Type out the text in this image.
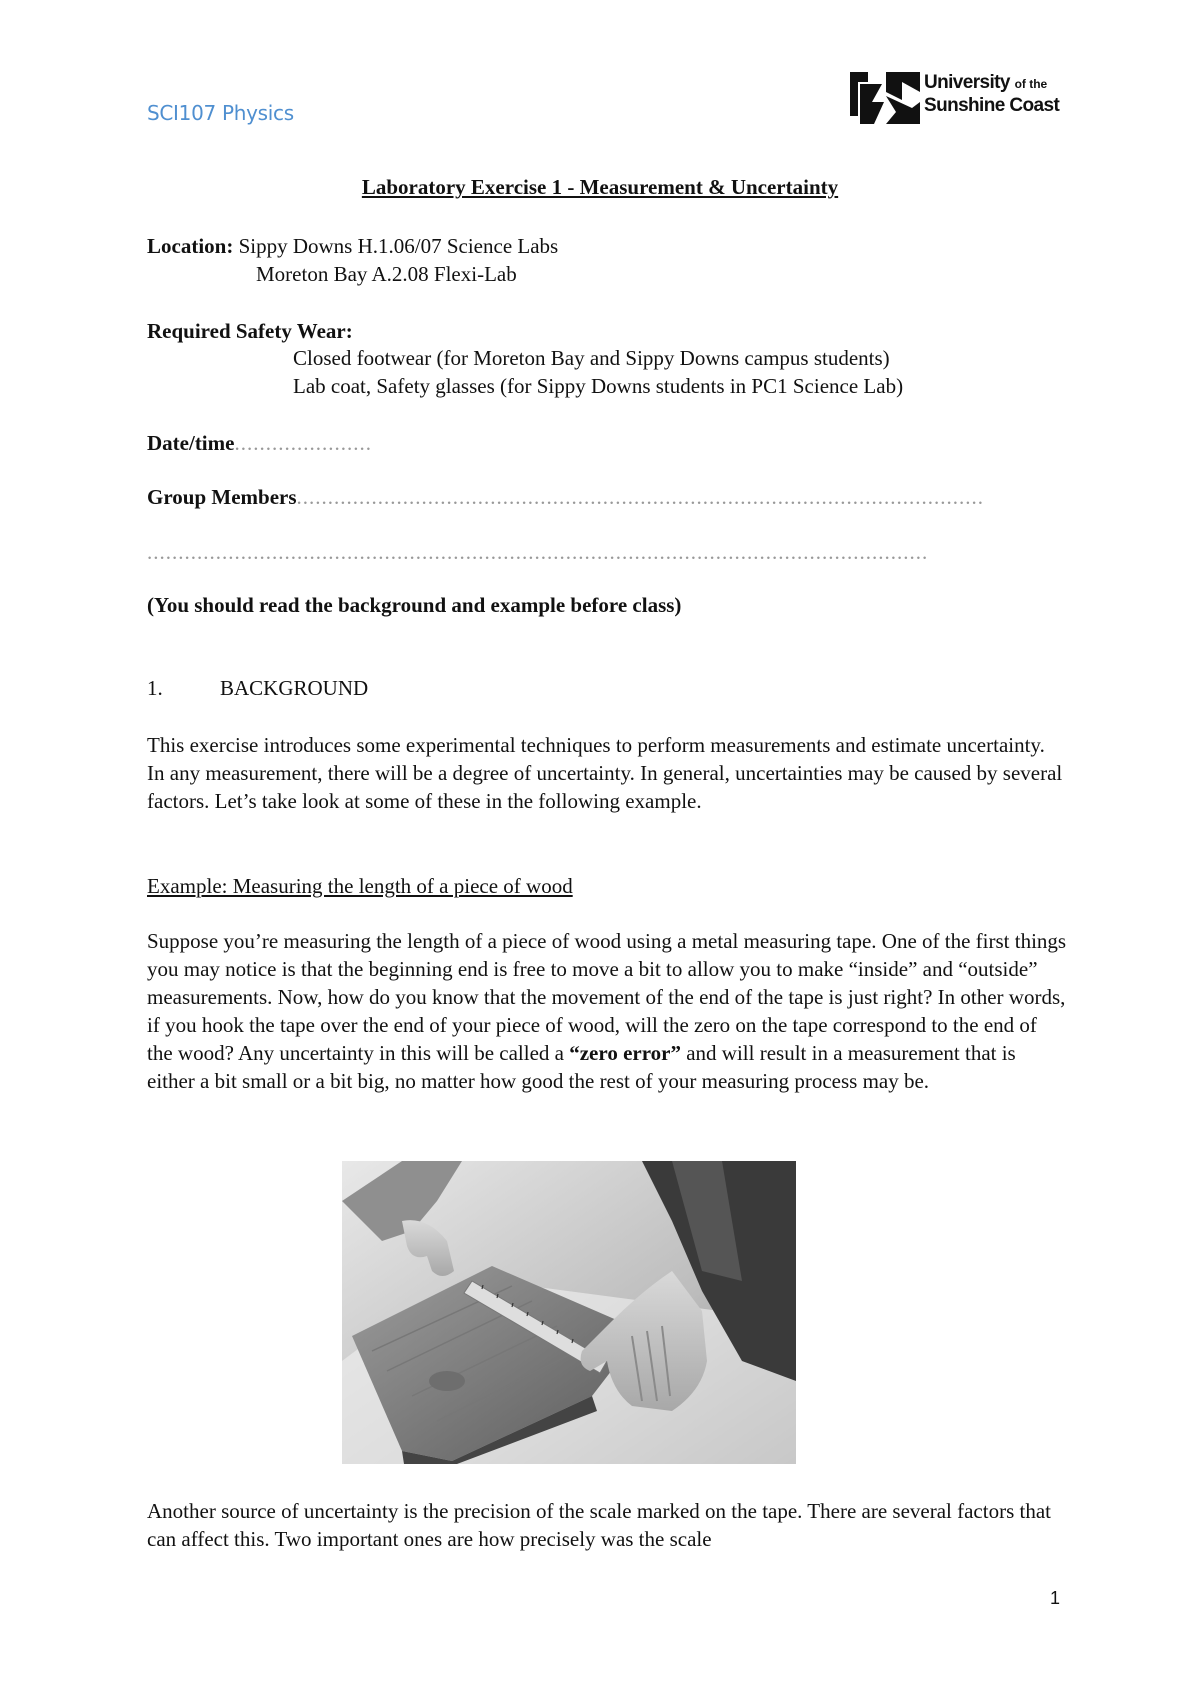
SCI107 Physics
University of the
Sunshine Coast
Laboratory Exercise 1 - Measurement & Uncertainty
Location: Sippy Downs H.1.06/07 Science Labs
Moreton Bay A.2.08 Flexi-Lab
Required Safety Wear:
Closed footwear (for Moreton Bay and Sippy Downs campus students)
Lab coat, Safety glasses (for Sippy Downs students in PC1 Science Lab)
Date/time......................
Group Members..............................................................................................................
.............................................................................................................................
(You should read the background and example before class)
1.	BACKGROUND

This exercise introduces some experimental techniques to perform measurements and estimate uncertainty. In any measurement, there will be a degree of uncertainty. In general, uncertainties may be caused by several factors. Let’s take look at some of these in the following example.

Example: Measuring the length of a piece of wood

Suppose you’re measuring the length of a piece of wood using a metal measuring tape. One of the first things you may notice is that the beginning end is free to move a bit to allow you to make “inside” and “outside” measurements. Now, how do you know that the movement of the end of the tape is just right? In other words, if you hook the tape over the end of your piece of wood, will the zero on the tape correspond to the end of the wood? Any uncertainty in this will be called a “zero error” and will result in a measurement that is either a bit small or a bit big, no matter how good the rest of your measuring process may be.

Another source of uncertainty is the precision of the scale marked on the tape. There are several factors that can affect this. Two important ones are how precisely was the scale

1
